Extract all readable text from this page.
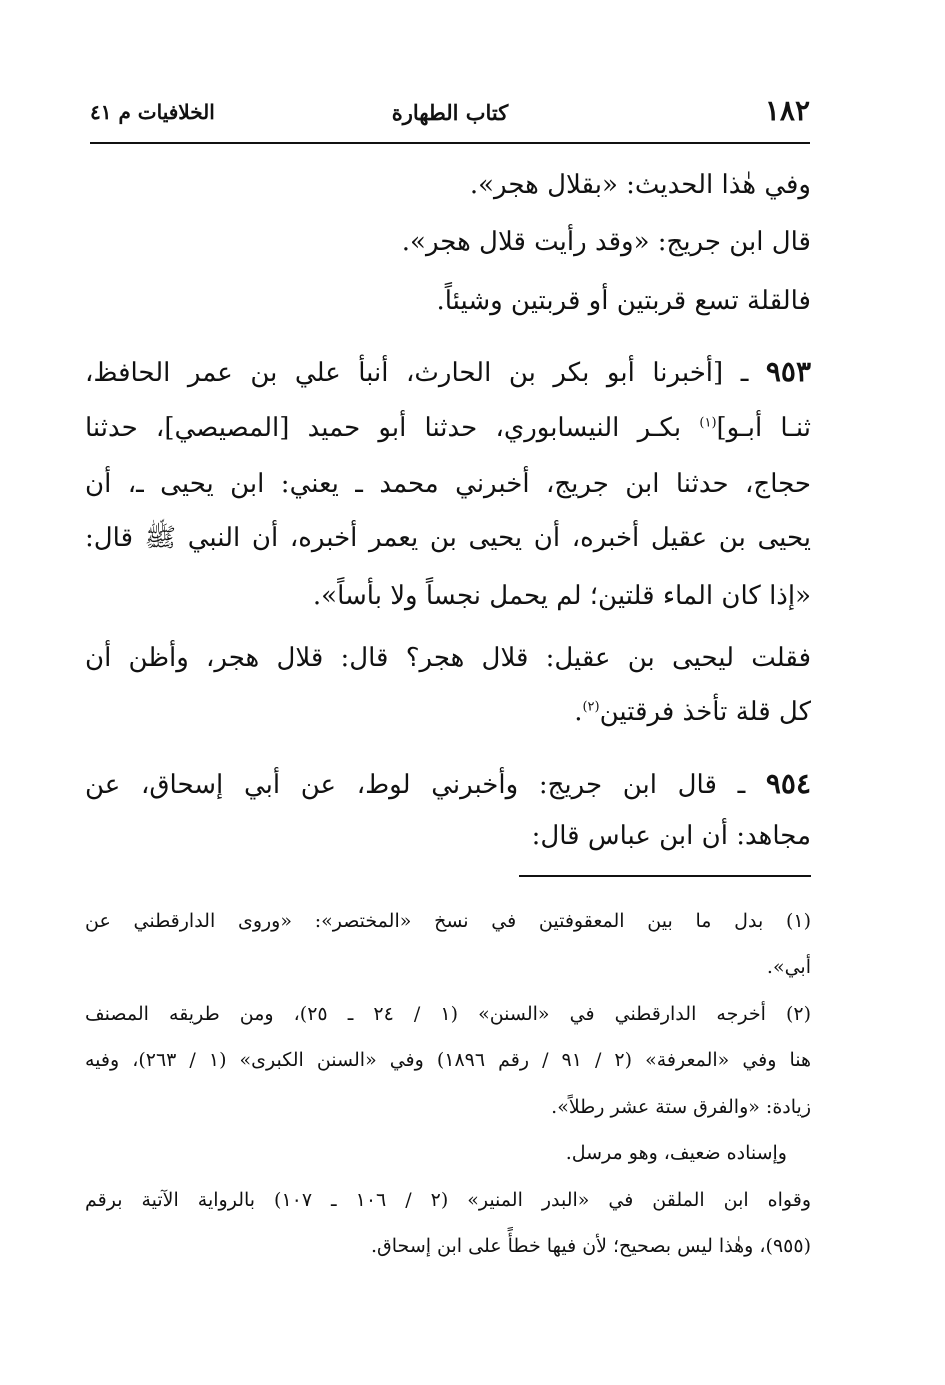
١٨٢
كتاب الطهارة
الخلافيات م ٤١
وفي هٰذا الحديث: «بقلال هجر».
قال ابن جريج: «وقد رأيت قلال هجر».
فالقلة تسع قربتين أو قربتين وشيئاً.
٩٥٣ ـ [أخبرنا أبو بكر بن الحارث، أنبأ علي بن عمر الحافظ،
ثنـا أبـو]$^{(١)}$ بكـر النيسابوري، حدثنا أبو حميد [المصيصي]، حدثنا
حجاج، حدثنا ابن جريج، أخبرني محمد ـ يعني: ابن يحيى ـ، أن
يحيى بن عقيل أخبره، أن يحيى بن يعمر أخبره، أن النبي ﷺ قال:
«إذا كان الماء قلتين؛ لم يحمل نجساً ولا بأساً».
فقلت ليحيى بن عقيل: قلال هجر؟ قال: قلال هجر، وأظن أن
كل قلة تأخذ فرقتين$^{(٢)}$.
٩٥٤ ـ قال ابن جريج: وأخبرني لوط، عن أبي إسحاق، عن
مجاهد: أن ابن عباس قال:
(١) بدل ما بين المعقوفتين في نسخ «المختصر»: «وروى الدارقطني عن
أبي».
(٢) أخرجه الدارقطني في «السنن» (١ / ٢٤ ـ ٢٥)، ومن طريقه المصنف
هنا وفي «المعرفة» (٢ / ٩١ / رقم ١٨٩٦) وفي «السنن الكبرى» (١ / ٢٦٣)، وفيه
زيادة: «والفرق ستة عشر رطلاً».
وإسناده ضعيف، وهو مرسل.
وقواه ابن الملقن في «البدر المنير» (٢ / ١٠٦ ـ ١٠٧) بالرواية الآتية برقم
(٩٥٥)، وهٰذا ليس بصحيح؛ لأن فيها خطأً على ابن إسحاق.
